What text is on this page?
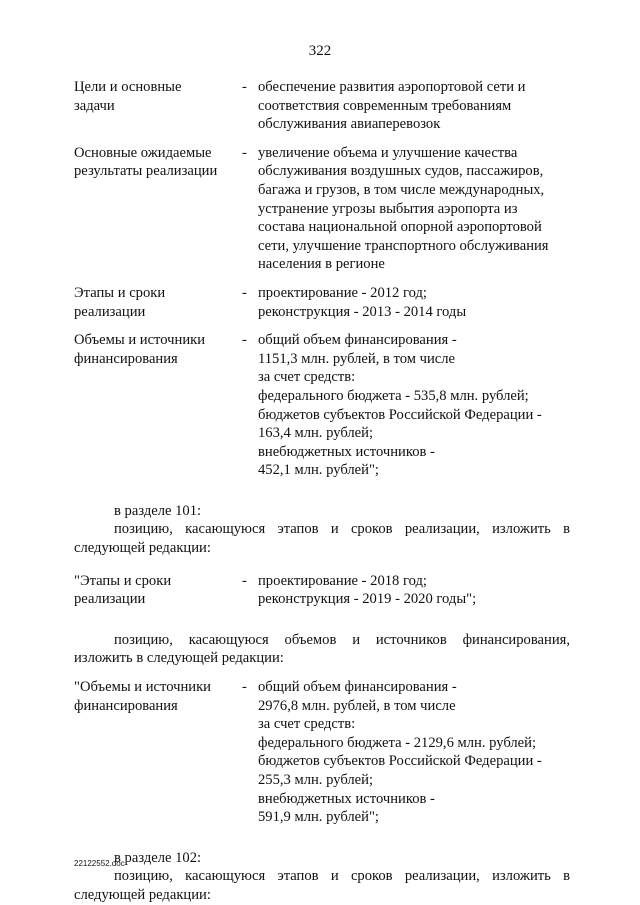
322
Цели и основные
задачи
- обеспечение развития аэропортовой сети и
соответствия современным требованиям
обслуживания авиаперевозок
Основные ожидаемые
результаты реализации
- увеличение объема и улучшение качества
обслуживания воздушных судов, пассажиров,
багажа и грузов, в том числе международных,
устранение угрозы выбытия аэропорта из
состава национальной опорной аэропортовой
сети, улучшение транспортного обслуживания
населения в регионе
Этапы и сроки
реализации
- проектирование - 2012 год;
реконструкция - 2013 - 2014 годы
Объемы и источники
финансирования
- общий объем финансирования -
1151,3 млн. рублей, в том числе
за счет средств:
федерального бюджета - 535,8 млн. рублей;
бюджетов субъектов Российской Федерации -
163,4 млн. рублей;
внебюджетных источников -
452,1 млн. рублей";
в разделе 101:
позицию, касающуюся этапов и сроков реализации, изложить в
следующей редакции:
"Этапы и сроки
реализации
- проектирование - 2018 год;
реконструкция - 2019 - 2020 годы";
позицию, касающуюся объемов и источников финансирования,
изложить в следующей редакции:
"Объемы и источники
финансирования
- общий объем финансирования -
2976,8 млн. рублей, в том числе
за счет средств:
федерального бюджета - 2129,6 млн. рублей;
бюджетов субъектов Российской Федерации -
255,3 млн. рублей;
внебюджетных источников -
591,9 млн. рублей";
в разделе 102:
позицию, касающуюся этапов и сроков реализации, изложить в
следующей редакции:
22122552.doc
